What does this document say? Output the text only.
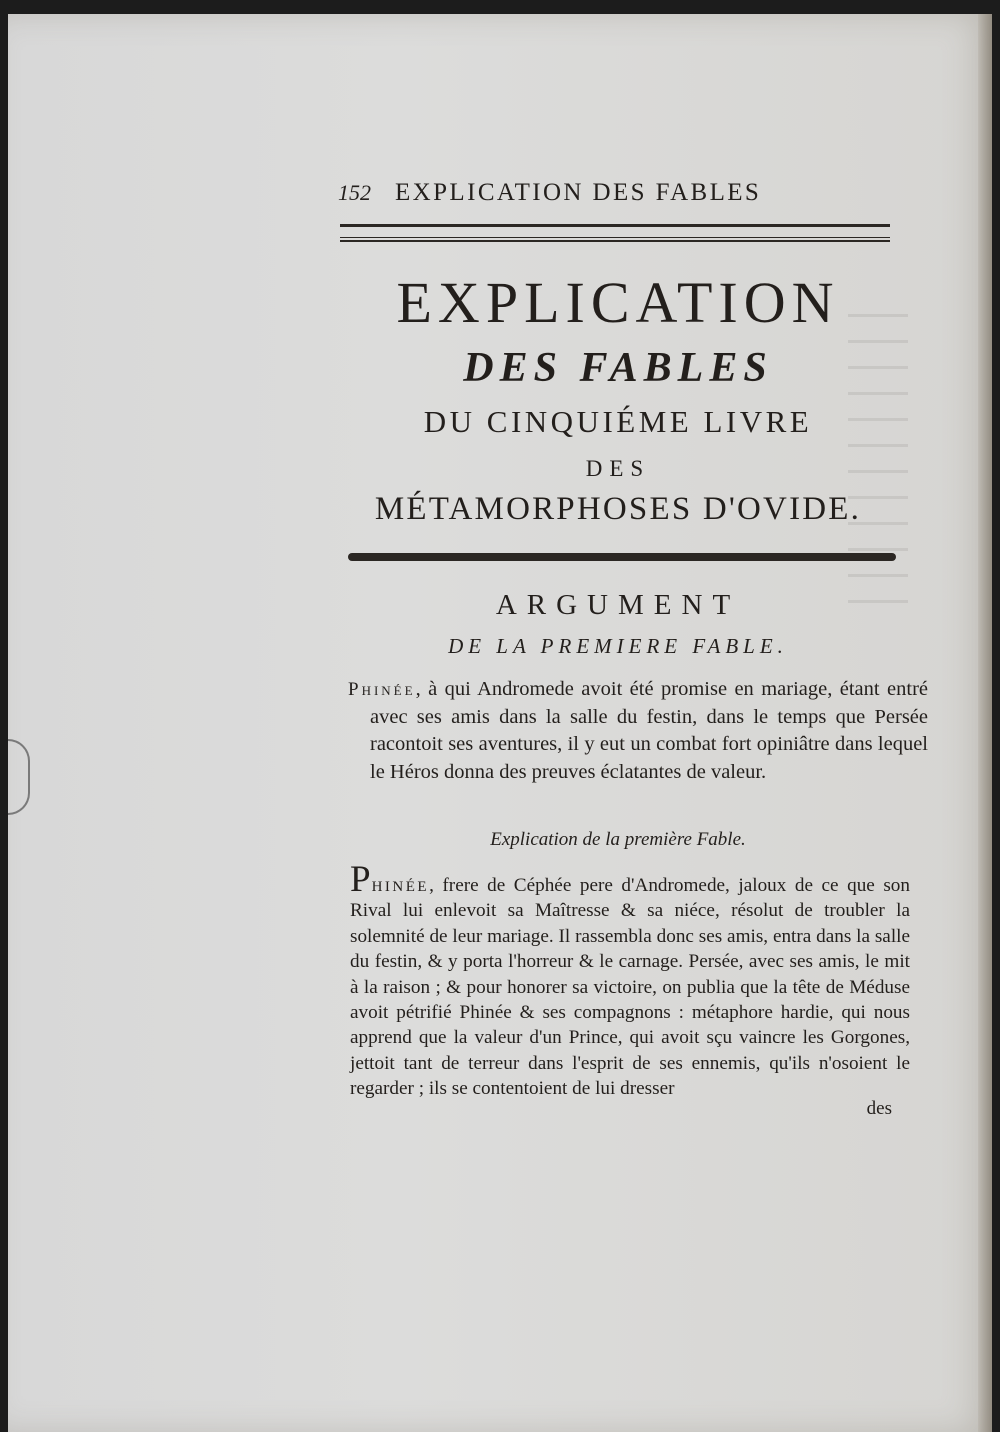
152 EXPLICATION DES FABLES
EXPLICATION
DES FABLES
DU CINQUIÉME LIVRE
DES
MÉTAMORPHOSES D'OVIDE.
ARGUMENT
DE LA PREMIERE FABLE.

Phinée, à qui Andromede avoit été promise en mariage, étant entré avec ses amis dans la salle du festin, dans le temps que Persée racontoit ses aventures, il y eut un combat fort opiniâtre dans lequel le Héros donna des preuves éclatantes de valeur.

Explication de la première Fable.

Phinée, frere de Céphée pere d'Andromede, jaloux de ce que son Rival lui enlevoit sa Maîtresse & sa niéce, résolut de troubler la solemnité de leur mariage. Il rassembla donc ses amis, entra dans la salle du festin, & y porta l'horreur & le carnage. Persée, avec ses amis, le mit à la raison ; & pour honorer sa victoire, on publia que la tête de Méduse avoit pétrifié Phinée & ses compagnons : métaphore hardie, qui nous apprend que la valeur d'un Prince, qui avoit sçu vaincre les Gorgones, jettoit tant de terreur dans l'esprit de ses ennemis, qu'ils n'osoient le regarder ; ils se contentoient de lui dresser

des
